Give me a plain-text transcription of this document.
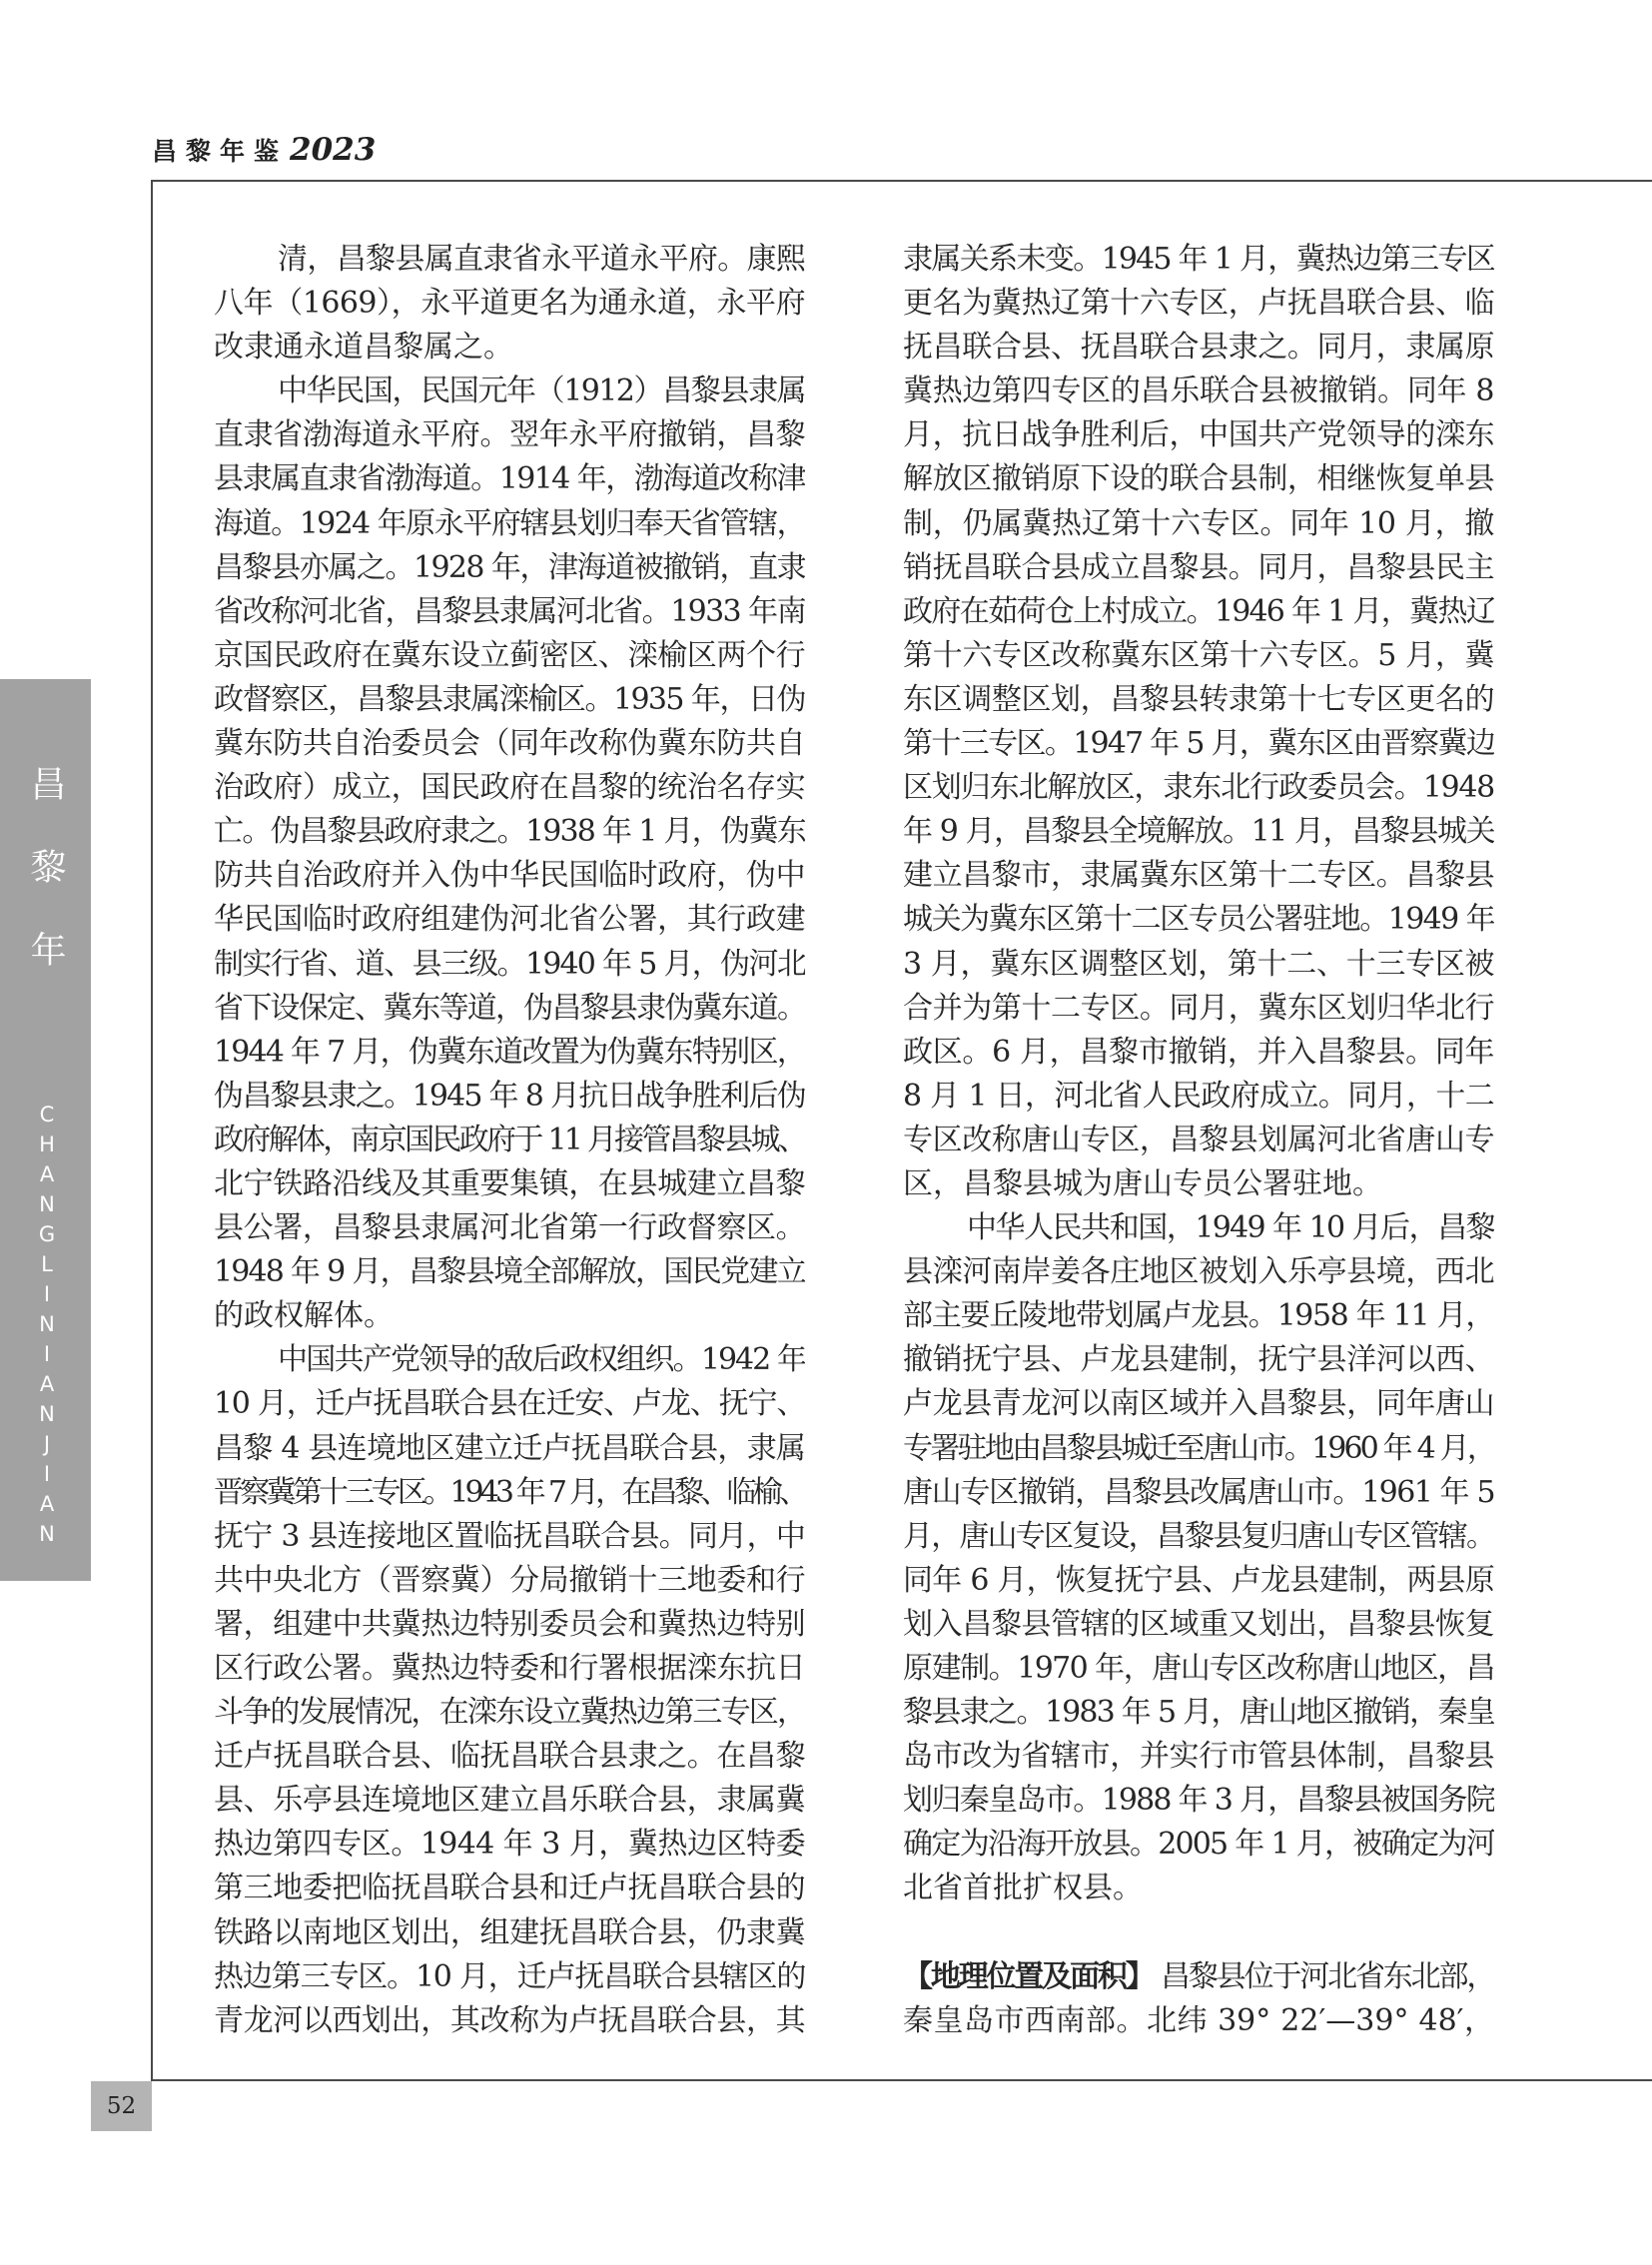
昌黎年鉴2023
昌黎年
CHANGLINIANJIAN
52
清，昌黎县属直隶省永平道永平府。康熙
八年（1669），永平道更名为通永道，永平府
改隶通永道昌黎属之。
中华民国，民国元年（1912）昌黎县隶属
直隶省渤海道永平府。翌年永平府撤销，昌黎
县隶属直隶省渤海道。1914 年，渤海道改称津
海道。1924 年原永平府辖县划归奉天省管辖，
昌黎县亦属之。1928 年，津海道被撤销，直隶
省改称河北省，昌黎县隶属河北省。1933 年南
京国民政府在冀东设立蓟密区、滦榆区两个行
政督察区，昌黎县隶属滦榆区。1935 年，日伪
冀东防共自治委员会（同年改称伪冀东防共自
治政府）成立，国民政府在昌黎的统治名存实
亡。伪昌黎县政府隶之。1938 年 1 月，伪冀东
防共自治政府并入伪中华民国临时政府，伪中
华民国临时政府组建伪河北省公署，其行政建
制实行省、道、县三级。1940 年 5 月，伪河北
省下设保定、冀东等道，伪昌黎县隶伪冀东道。
1944 年 7 月，伪冀东道改置为伪冀东特别区，
伪昌黎县隶之。1945 年 8 月抗日战争胜利后伪
政府解体，南京国民政府于 11 月接管昌黎县城、
北宁铁路沿线及其重要集镇，在县城建立昌黎
县公署，昌黎县隶属河北省第一行政督察区。
1948 年 9 月，昌黎县境全部解放，国民党建立
的政权解体。
中国共产党领导的敌后政权组织。1942 年
10 月，迁卢抚昌联合县在迁安、卢龙、抚宁、
昌黎 4 县连境地区建立迁卢抚昌联合县，隶属
晋察冀第十三专区。1943 年 7 月，在昌黎、临榆、
抚宁 3 县连接地区置临抚昌联合县。同月，中
共中央北方（晋察冀）分局撤销十三地委和行
署，组建中共冀热边特别委员会和冀热边特别
区行政公署。冀热边特委和行署根据滦东抗日
斗争的发展情况，在滦东设立冀热边第三专区，
迁卢抚昌联合县、临抚昌联合县隶之。在昌黎
县、乐亭县连境地区建立昌乐联合县，隶属冀
热边第四专区。1944 年 3 月，冀热边区特委
第三地委把临抚昌联合县和迁卢抚昌联合县的
铁路以南地区划出，组建抚昌联合县，仍隶冀
热边第三专区。10 月，迁卢抚昌联合县辖区的
青龙河以西划出，其改称为卢抚昌联合县，其
隶属关系未变。1945 年 1 月，冀热边第三专区
更名为冀热辽第十六专区，卢抚昌联合县、临
抚昌联合县、抚昌联合县隶之。同月，隶属原
冀热边第四专区的昌乐联合县被撤销。同年 8
月，抗日战争胜利后，中国共产党领导的滦东
解放区撤销原下设的联合县制，相继恢复单县
制，仍属冀热辽第十六专区。同年 10 月，撤
销抚昌联合县成立昌黎县。同月，昌黎县民主
政府在茹荷仓上村成立。1946 年 1 月，冀热辽
第十六专区改称冀东区第十六专区。5 月，冀
东区调整区划，昌黎县转隶第十七专区更名的
第十三专区。1947 年 5 月，冀东区由晋察冀边
区划归东北解放区，隶东北行政委员会。1948
年 9 月，昌黎县全境解放。11 月，昌黎县城关
建立昌黎市，隶属冀东区第十二专区。昌黎县
城关为冀东区第十二区专员公署驻地。1949 年
3 月，冀东区调整区划，第十二、十三专区被
合并为第十二专区。同月，冀东区划归华北行
政区。6 月，昌黎市撤销，并入昌黎县。同年
8 月 1 日，河北省人民政府成立。同月，十二
专区改称唐山专区，昌黎县划属河北省唐山专
区，昌黎县城为唐山专员公署驻地。
中华人民共和国，1949 年 10 月后，昌黎
县滦河南岸姜各庄地区被划入乐亭县境，西北
部主要丘陵地带划属卢龙县。1958 年 11 月，
撤销抚宁县、卢龙县建制，抚宁县洋河以西、
卢龙县青龙河以南区域并入昌黎县，同年唐山
专署驻地由昌黎县城迁至唐山市。1960 年 4 月，
唐山专区撤销，昌黎县改属唐山市。1961 年 5
月，唐山专区复设，昌黎县复归唐山专区管辖。
同年 6 月，恢复抚宁县、卢龙县建制，两县原
划入昌黎县管辖的区域重又划出，昌黎县恢复
原建制。1970 年，唐山专区改称唐山地区，昌
黎县隶之。1983 年 5 月，唐山地区撤销，秦皇
岛市改为省辖市，并实行市管县体制，昌黎县
划归秦皇岛市。1988 年 3 月，昌黎县被国务院
确定为沿海开放县。2005 年 1 月，被确定为河
北省首批扩权县。
【地理位置及面积】 昌黎县位于河北省东北部，
秦皇岛市西南部。北纬 39° 22′—39° 48′，
